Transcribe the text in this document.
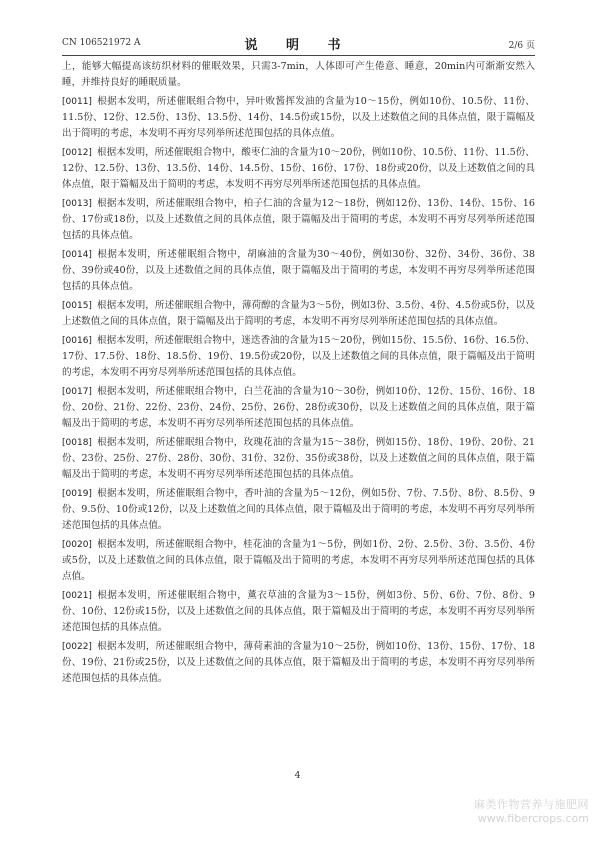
CN 106521972 A	说 明 书	2/6 页

上，能够大幅提高该纺织材料的催眠效果，只需3-7min，人体即可产生倦意、睡意，20min内可渐渐安然入睡，并维持良好的睡眠质量。

[0011] 根据本发明，所述催眠组合物中，异叶败酱挥发油的含量为10～15份，例如10份、10.5份、11份、11.5份、12份、12.5份、13份、13.5份、14份、14.5份或15份，以及上述数值之间的具体点值，限于篇幅及出于简明的考虑，本发明不再穷尽列举所述范围包括的具体点值。

[0012] 根据本发明，所述催眠组合物中，酸枣仁油的含量为10～20份，例如10份、10.5份、11份、11.5份、12份、12.5份、13份、13.5份、14份、14.5份、15份、16份、17份、18份或20份，以及上述数值之间的具体点值，限于篇幅及出于简明的考虑，本发明不再穷尽列举所述范围包括的具体点值。

[0013] 根据本发明，所述催眠组合物中，柏子仁油的含量为12～18份，例如12份、13份、14份、15份、16份、17份或18份，以及上述数值之间的具体点值，限于篇幅及出于简明的考虑，本发明不再穷尽列举所述范围包括的具体点值。

[0014] 根据本发明，所述催眠组合物中，胡麻油的含量为30～40份，例如30份、32份、34份、36份、38份、39份或40份，以及上述数值之间的具体点值，限于篇幅及出于简明的考虑，本发明不再穷尽列举所述范围包括的具体点值。

[0015] 根据本发明，所述催眠组合物中，薄荷醇的含量为3～5份，例如3份、3.5份、4份、4.5份或5份，以及上述数值之间的具体点值，限于篇幅及出于简明的考虑，本发明不再穷尽列举所述范围包括的具体点值。

[0016] 根据本发明，所述催眠组合物中，迷迭香油的含量为15～20份，例如15份、15.5份、16份、16.5份、17份、17.5份、18份、18.5份、19份、19.5份或20份，以及上述数值之间的具体点值，限于篇幅及出于简明的考虑，本发明不再穷尽列举所述范围包括的具体点值。

[0017] 根据本发明，所述催眠组合物中，白兰花油的含量为10～30份，例如10份、12份、15份、16份、18份、20份、21份、22份、23份、24份、25份、26份、28份或30份，以及上述数值之间的具体点值，限于篇幅及出于简明的考虑，本发明不再穷尽列举所述范围包括的具体点值。

[0018] 根据本发明，所述催眠组合物中，玫瑰花油的含量为15～38份，例如15份、18份、19份、20份、21份、23份、25份、27份、28份、30份、31份、32份、35份或38份，以及上述数值之间的具体点值，限于篇幅及出于简明的考虑，本发明不再穷尽列举所述范围包括的具体点值。

[0019] 根据本发明，所述催眠组合物中，香叶油的含量为5～12份，例如5份、7份、7.5份、8份、8.5份、9份、9.5份、10份或12份，以及上述数值之间的具体点值，限于篇幅及出于简明的考虑，本发明不再穷尽列举所述范围包括的具体点值。

[0020] 根据本发明，所述催眠组合物中，桂花油的含量为1～5份，例如1份、2份、2.5份、3份、3.5份、4份或5份，以及上述数值之间的具体点值，限于篇幅及出于简明的考虑，本发明不再穷尽列举所述范围包括的具体点值。

[0021] 根据本发明，所述催眠组合物中，薰衣草油的含量为3～15份，例如3份、5份、6份、7份、8份、9份、10份、12份或15份，以及上述数值之间的具体点值，限于篇幅及出于简明的考虑，本发明不再穷尽列举所述范围包括的具体点值。

[0022] 根据本发明，所述催眠组合物中，薄荷素油的含量为10～25份，例如10份、13份、15份、17份、18份、19份、21份或25份，以及上述数值之间的具体点值，限于篇幅及出于简明的考虑，本发明不再穷尽列举所述范围包括的具体点值。

4
麻类作物营养与施肥网
www.fibercrops.com
